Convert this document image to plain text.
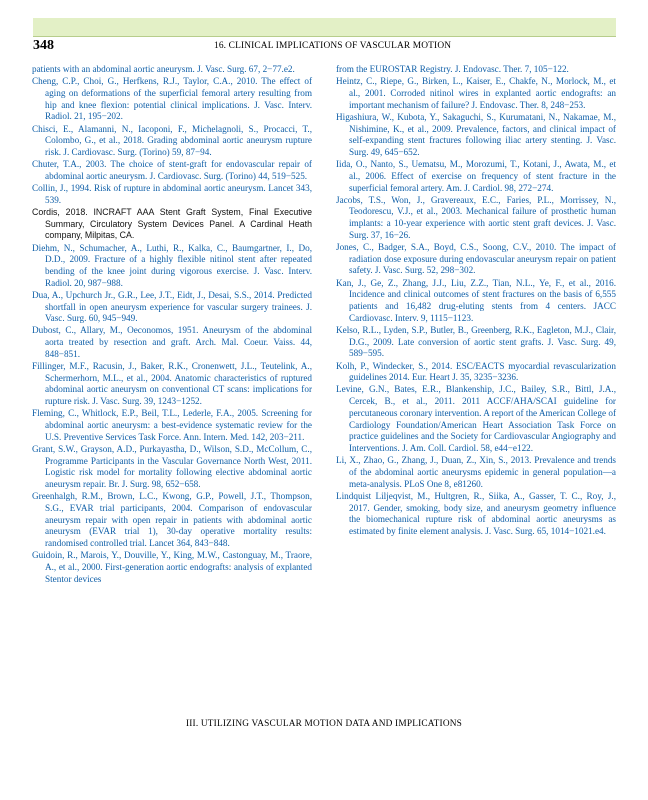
348	16. CLINICAL IMPLICATIONS OF VASCULAR MOTION

patients with an abdominal aortic aneurysm. J. Vasc. Surg. 67, 2−77.e2.

Cheng, C.P., Choi, G., Herfkens, R.J., Taylor, C.A., 2010. The effect of aging on deformations of the superficial femoral artery resulting from hip and knee flexion: potential clinical implications. J. Vasc. Interv. Radiol. 21, 195−202.

Chisci, E., Alamanni, N., Iacoponi, F., Michelagnoli, S., Procacci, T., Colombo, G., et al., 2018. Grading abdominal aortic aneurysm rupture risk. J. Cardiovasc. Surg. (Torino) 59, 87−94.

Chuter, T.A., 2003. The choice of stent-graft for endovascular repair of abdominal aortic aneurysm. J. Cardiovasc. Surg. (Torino) 44, 519−525.

Collin, J., 1994. Risk of rupture in abdominal aortic aneurysm. Lancet 343, 539.

Cordis, 2018. INCRAFT AAA Stent Graft System, Final Executive Summary, Circulatory System Devices Panel. A Cardinal Heath company, Milpitas, CA.

Diehm, N., Schumacher, A., Luthi, R., Kalka, C., Baumgartner, I., Do, D.D., 2009. Fracture of a highly flexible nitinol stent after repeated bending of the knee joint during vigorous exercise. J. Vasc. Interv. Radiol. 20, 987−988.

Dua, A., Upchurch Jr., G.R., Lee, J.T., Eidt, J., Desai, S.S., 2014. Predicted shortfall in open aneurysm experience for vascular surgery trainees. J. Vasc. Surg. 60, 945−949.

Dubost, C., Allary, M., Oeconomos, 1951. Aneurysm of the abdominal aorta treated by resection and graft. Arch. Mal. Coeur. Vaiss. 44, 848−851.

Fillinger, M.F., Racusin, J., Baker, R.K., Cronenwett, J.L., Teutelink, A., Schermerhorn, M.L., et al., 2004. Anatomic characteristics of ruptured abdominal aortic aneurysm on conventional CT scans: implications for rupture risk. J. Vasc. Surg. 39, 1243−1252.

Fleming, C., Whitlock, E.P., Beil, T.L., Lederle, F.A., 2005. Screening for abdominal aortic aneurysm: a best-evidence systematic review for the U.S. Preventive Services Task Force. Ann. Intern. Med. 142, 203−211.

Grant, S.W., Grayson, A.D., Purkayastha, D., Wilson, S.D., McCollum, C., Programme Participants in the Vascular Governance North West, 2011. Logistic risk model for mortality following elective abdominal aortic aneurysm repair. Br. J. Surg. 98, 652−658.

Greenhalgh, R.M., Brown, L.C., Kwong, G.P., Powell, J.T., Thompson, S.G., EVAR trial participants, 2004. Comparison of endovascular aneurysm repair with open repair in patients with abdominal aortic aneurysm (EVAR trial 1), 30-day operative mortality results: randomised controlled trial. Lancet 364, 843−848.

Guidoin, R., Marois, Y., Douville, Y., King, M.W., Castonguay, M., Traore, A., et al., 2000. First-generation aortic endografts: analysis of explanted Stentor devices

from the EUROSTAR Registry. J. Endovasc. Ther. 7, 105−122.

Heintz, C., Riepe, G., Birken, L., Kaiser, E., Chakfe, N., Morlock, M., et al., 2001. Corroded nitinol wires in explanted aortic endografts: an important mechanism of failure? J. Endovasc. Ther. 8, 248−253.

Higashiura, W., Kubota, Y., Sakaguchi, S., Kurumatani, N., Nakamae, M., Nishimine, K., et al., 2009. Prevalence, factors, and clinical impact of self-expanding stent fractures following iliac artery stenting. J. Vasc. Surg. 49, 645−652.

Iida, O., Nanto, S., Uematsu, M., Morozumi, T., Kotani, J., Awata, M., et al., 2006. Effect of exercise on frequency of stent fracture in the superficial femoral artery. Am. J. Cardiol. 98, 272−274.

Jacobs, T.S., Won, J., Gravereaux, E.C., Faries, P.L., Morrissey, N., Teodorescu, V.J., et al., 2003. Mechanical failure of prosthetic human implants: a 10-year experience with aortic stent graft devices. J. Vasc. Surg. 37, 16−26.

Jones, C., Badger, S.A., Boyd, C.S., Soong, C.V., 2010. The impact of radiation dose exposure during endovascular aneurysm repair on patient safety. J. Vasc. Surg. 52, 298−302.

Kan, J., Ge, Z., Zhang, J.J., Liu, Z.Z., Tian, N.L., Ye, F., et al., 2016. Incidence and clinical outcomes of stent fractures on the basis of 6,555 patients and 16,482 drug-eluting stents from 4 centers. JACC Cardiovasc. Interv. 9, 1115−1123.

Kelso, R.L., Lyden, S.P., Butler, B., Greenberg, R.K., Eagleton, M.J., Clair, D.G., 2009. Late conversion of aortic stent grafts. J. Vasc. Surg. 49, 589−595.

Kolh, P., Windecker, S., 2014. ESC/EACTS myocardial revascularization guidelines 2014. Eur. Heart J. 35, 3235−3236.

Levine, G.N., Bates, E.R., Blankenship, J.C., Bailey, S.R., Bittl, J.A., Cercek, B., et al., 2011. 2011 ACCF/AHA/SCAI guideline for percutaneous coronary intervention. A report of the American College of Cardiology Foundation/American Heart Association Task Force on practice guidelines and the Society for Cardiovascular Angiography and Interventions. J. Am. Coll. Cardiol. 58, e44−e122.

Li, X., Zhao, G., Zhang, J., Duan, Z., Xin, S., 2013. Prevalence and trends of the abdominal aortic aneurysms epidemic in general population—a meta-analysis. PLoS One 8, e81260.

Lindquist Liljeqvist, M., Hultgren, R., Siika, A., Gasser, T. C., Roy, J., 2017. Gender, smoking, body size, and aneurysm geometry influence the biomechanical rupture risk of abdominal aortic aneurysms as estimated by finite element analysis. J. Vasc. Surg. 65, 1014−1021.e4.

III. UTILIZING VASCULAR MOTION DATA AND IMPLICATIONS
